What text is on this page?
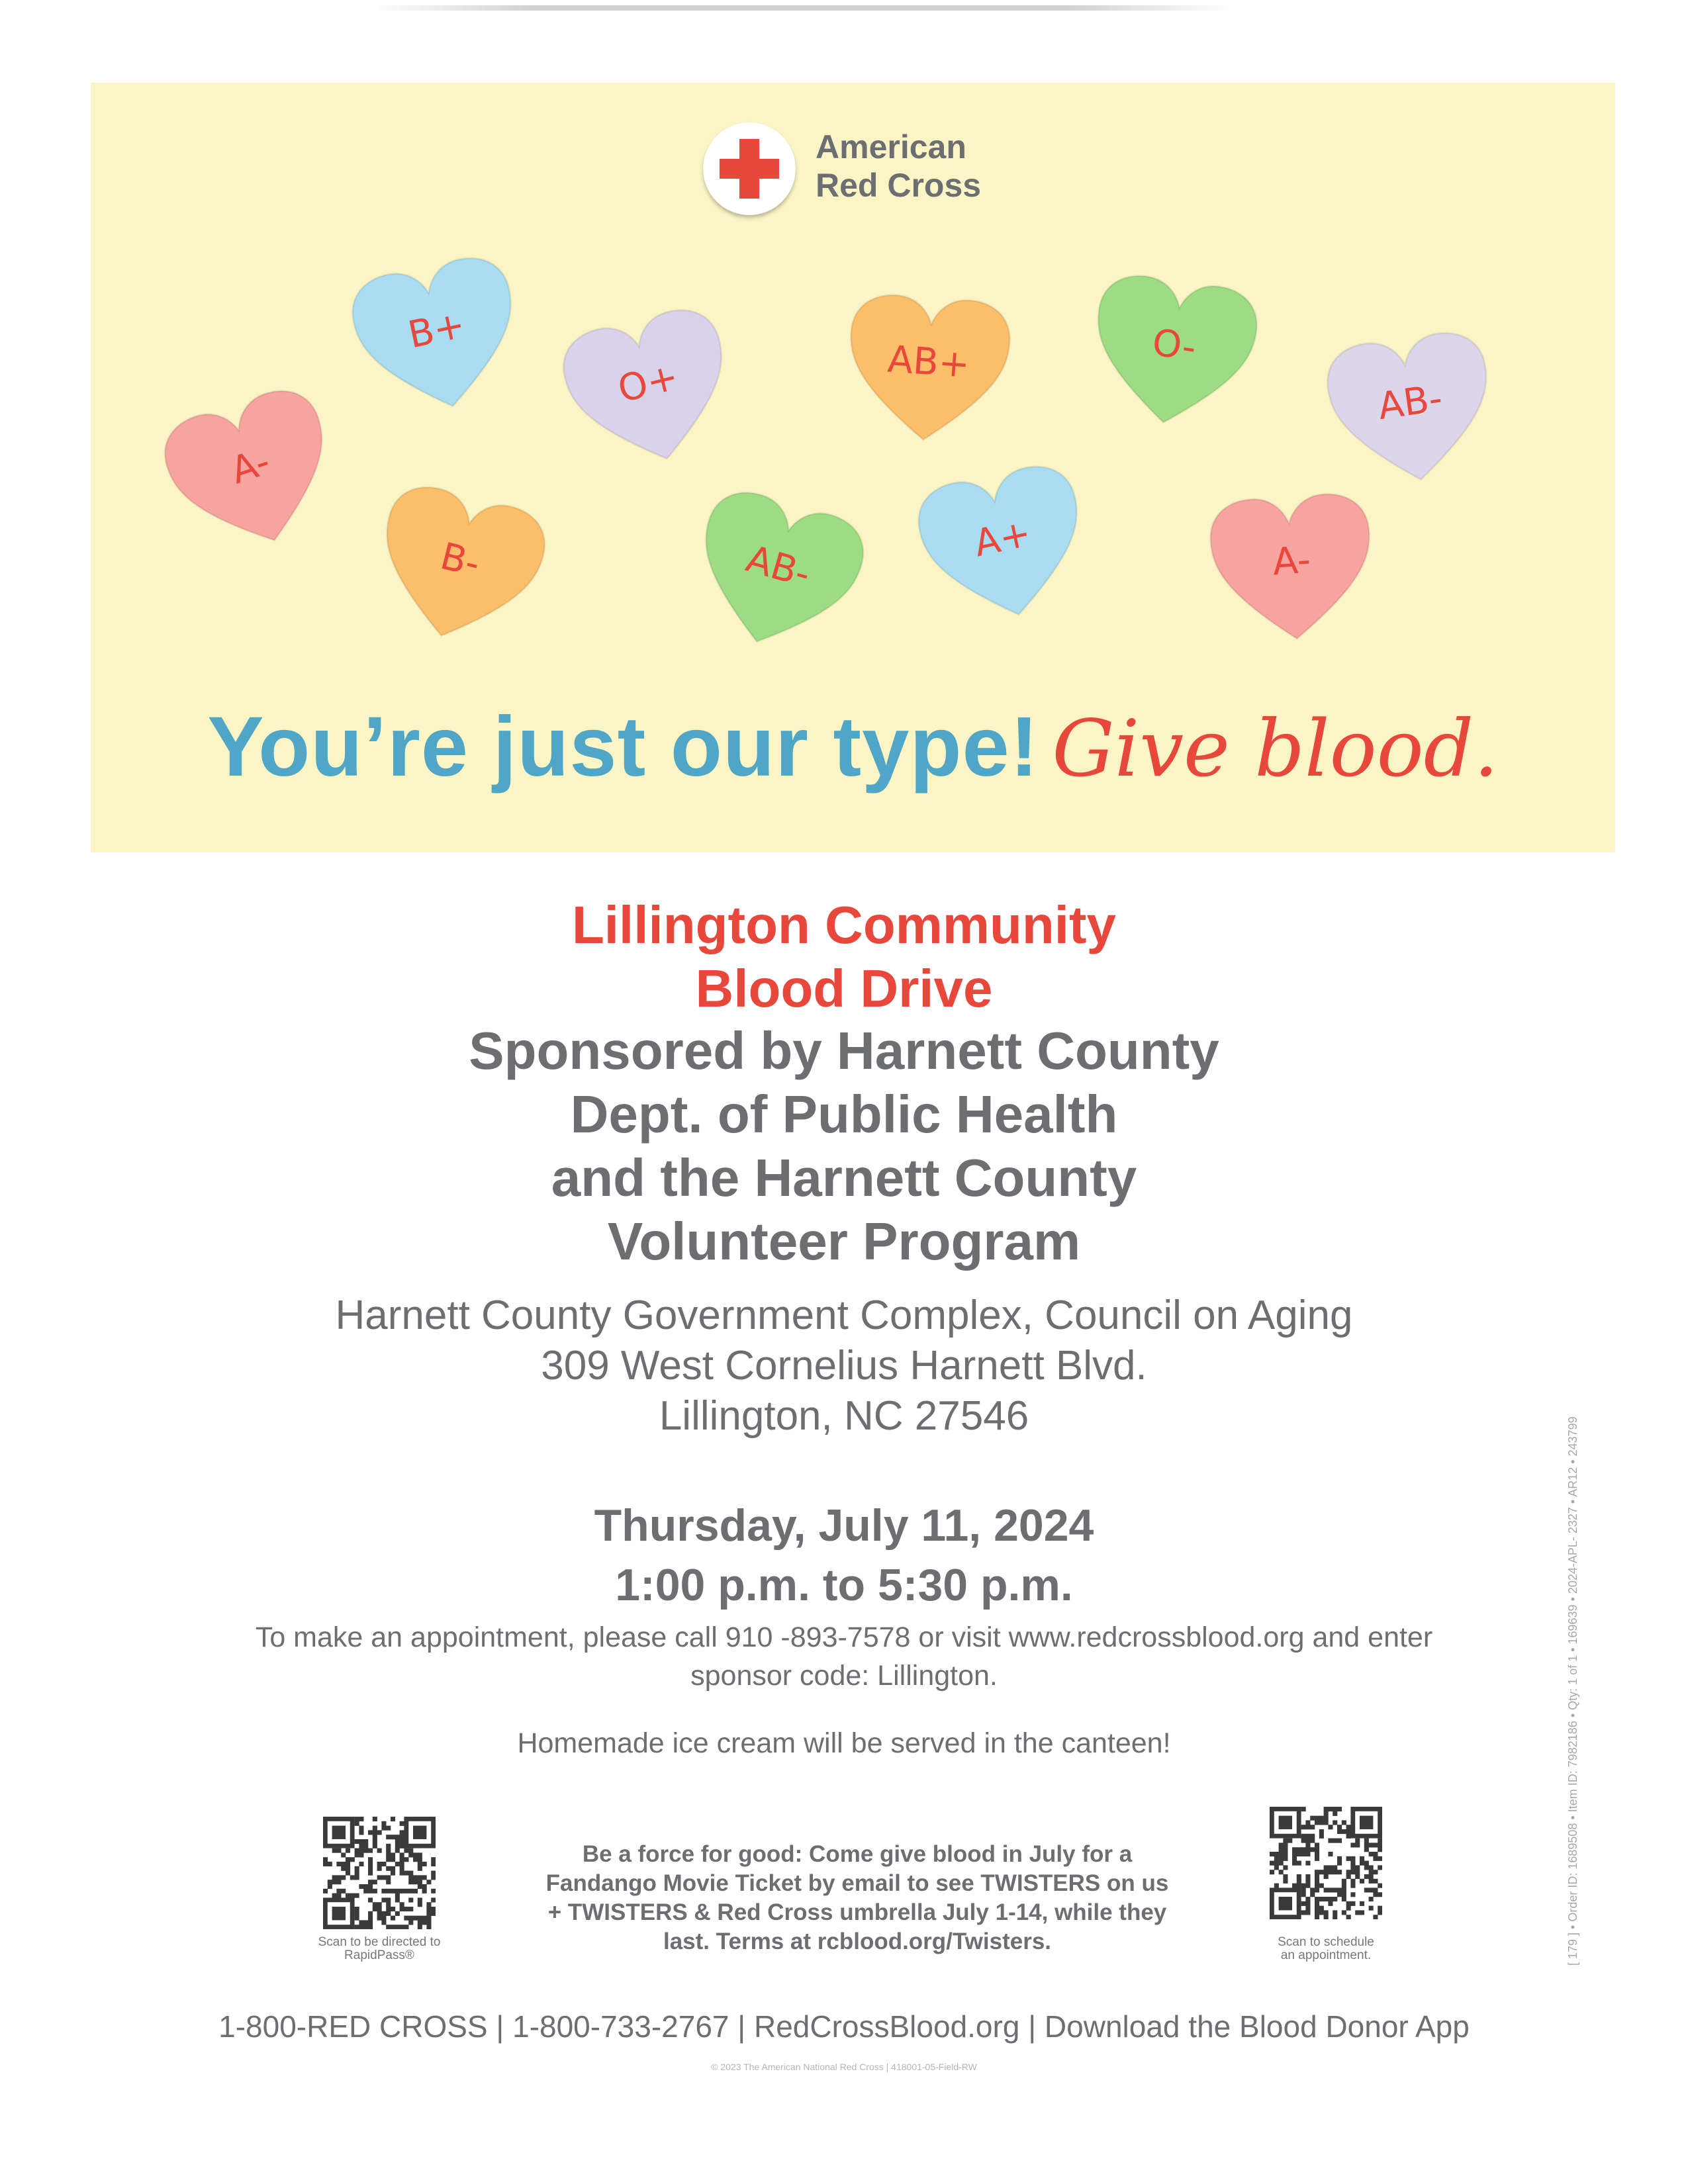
American
Red Cross
B+
O+	AB+	O-
AB-
A-
B-	AB-	A+	A-
You’re just our type! Give blood.
Lillington Community
Blood Drive
Sponsored by Harnett County
Dept. of Public Health
and the Harnett County
Volunteer Program
Harnett County Government Complex, Council on Aging
309 West Cornelius Harnett Blvd.
Lillington, NC 27546
Thursday, July 11, 2024
1:00 p.m. to 5:30 p.m.
To make an appointment, please call 910 -893-7578 or visit www.redcrossblood.org and enter
sponsor code: Lillington.
Homemade ice cream will be served in the canteen!
Scan to be directed to
RapidPass®
Be a force for good: Come give blood in July for a
Fandango Movie Ticket by email to see TWISTERS on us
+ TWISTERS & Red Cross umbrella July 1-14, while they
last. Terms at rcblood.org/Twisters.	Scan to schedule
an appointment.
1-800-RED CROSS | 1-800-733-2767 | RedCrossBlood.org | Download the Blood Donor App
© 2023 The American National Red Cross | 418001-05-Field-RW
[ 179 ] • Order ID: 1689508 • Item ID: 7982186 • Qty: 1 of 1 • 169639 • 2024-APL- 2327 • AR12 • 243799
